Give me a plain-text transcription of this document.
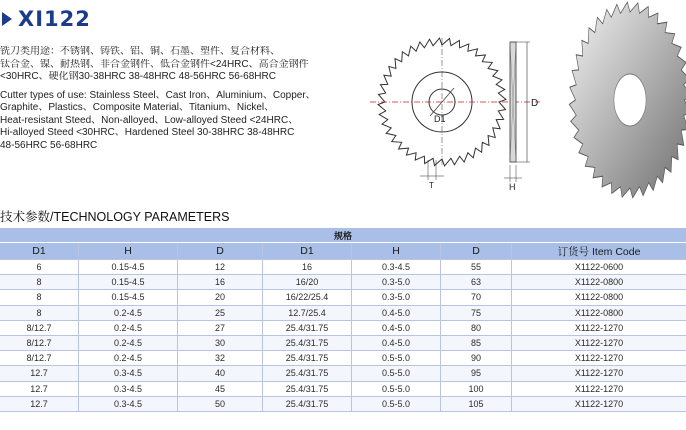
XI122
铣刀类用途：不锈钢、铸铁、铝、铜、石墨、塑件、复合材料、
钛合金、镍、耐热钢、非合金钢件、低合金钢件<24HRC、高合金钢件
<30HRC、硬化钢30-38HRC 38-48HRC 48-56HRC 56-68HRC
Cutter types of use: Stainless Steel、Cast Iron、Aluminium、Copper、
Graphite、Plastics、Composite Material、Titanium、Nickel、
Heat-resistant Steed、Non-alloyed、Low-alloyed Steed <24HRC、
Hi-alloyed Steed <30HRC、Hardened Steel 30-38HRC 38-48HRC
48-56HRC 56-68HRC
D1
D
H
T
技术参数/TECHNOLOGY PARAMETERS
规格						
D1	H	D	D1	H	D	订货号 Item Code
6	0.15-4.5	12	16	0.3-4.5	55	X1122-0600
8	0.15-4.5	16	16/20	0.3-5.0	63	X1122-0800
8	0.15-4.5	20	16/22/25.4	0.3-5.0	70	X1122-0800
8	0.2-4.5	25	12.7/25.4	0.4-5.0	75	X1122-0800
8/12.7	0.2-4.5	27	25.4/31.75	0.4-5.0	80	X1122-1270
8/12.7	0.2-4.5	30	25.4/31.75	0.4-5.0	85	X1122-1270
8/12.7	0.2-4.5	32	25.4/31.75	0.5-5.0	90	X1122-1270
12.7	0.3-4.5	40	25.4/31.75	0.5-5.0	95	X1122-1270
12.7	0.3-4.5	45	25.4/31.75	0.5-5.0	100	X1122-1270
12.7	0.3-4.5	50	25.4/31.75	0.5-5.0	105	X1122-1270
